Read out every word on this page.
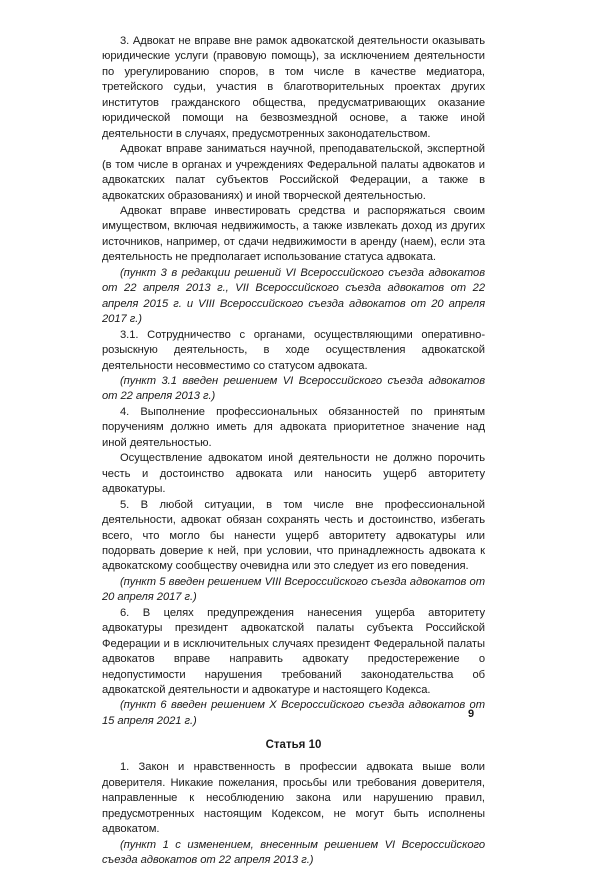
3. Адвокат не вправе вне рамок адвокатской деятельности оказывать юридические услуги (правовую помощь), за исключением деятельности по урегулированию споров, в том числе в качестве медиатора, третейского судьи, участия в благотворительных проектах других институтов гражданского общества, предусматривающих оказание юридической помощи на безвозмездной основе, а также иной деятельности в случаях, предусмотренных законодательством.

Адвокат вправе заниматься научной, преподавательской, экспертной (в том числе в органах и учреждениях Федеральной палаты адвокатов и адвокатских палат субъектов Российской Федерации, а также в адвокатских образованиях) и иной творческой деятельностью.

Адвокат вправе инвестировать средства и распоряжаться своим имуществом, включая недвижимость, а также извлекать доход из других источников, например, от сдачи недвижимости в аренду (наем), если эта деятельность не предполагает использование статуса адвоката.

(пункт 3 в редакции решений VI Всероссийского съезда адвокатов от 22 апреля 2013 г., VII Всероссийского съезда адвокатов от 22 апреля 2015 г. и VIII Всероссийского съезда адвокатов от 20 апреля 2017 г.)

3.1. Сотрудничество с органами, осуществляющими оперативно-розыскную деятельность, в ходе осуществления адвокатской деятельности несовместимо со статусом адвоката.

(пункт 3.1 введен решением VI Всероссийского съезда адвокатов от 22 апреля 2013 г.)

4. Выполнение профессиональных обязанностей по принятым поручениям должно иметь для адвоката приоритетное значение над иной деятельностью.

Осуществление адвокатом иной деятельности не должно порочить честь и достоинство адвоката или наносить ущерб авторитету адвокатуры.

5. В любой ситуации, в том числе вне профессиональной деятельности, адвокат обязан сохранять честь и достоинство, избегать всего, что могло бы нанести ущерб авторитету адвокатуры или подорвать доверие к ней, при условии, что принадлежность адвоката к адвокатскому сообществу очевидна или это следует из его поведения.

(пункт 5 введен решением VIII Всероссийского съезда адвокатов от 20 апреля 2017 г.)

6. В целях предупреждения нанесения ущерба авторитету адвокатуры президент адвокатской палаты субъекта Российской Федерации и в исключительных случаях президент Федеральной палаты адвокатов вправе направить адвокату предостережение о недопустимости нарушения требований законодательства об адвокатской деятельности и адвокатуре и настоящего Кодекса.

(пункт 6 введен решением X Всероссийского съезда адвокатов от 15 апреля 2021 г.)

Статья 10

1. Закон и нравственность в профессии адвоката выше воли доверителя. Никакие пожелания, просьбы или требования доверителя, направленные к несоблюдению закона или нарушению правил, предусмотренных настоящим Кодексом, не могут быть исполнены адвокатом.

(пункт 1 с изменением, внесенным решением VI Всероссийского съезда адвокатов от 22 апреля 2013 г.)

9
